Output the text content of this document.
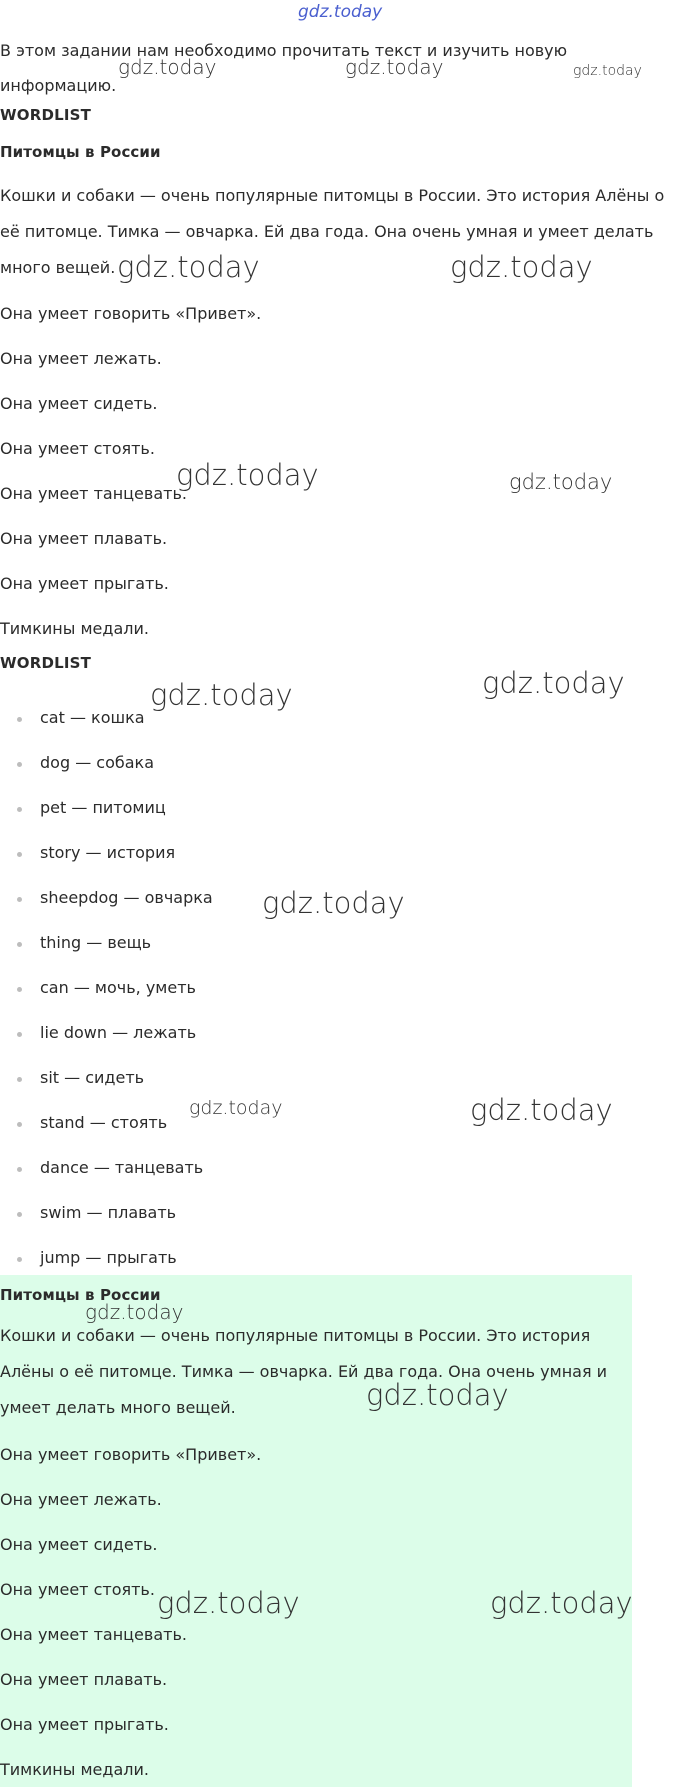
gdz.today

В этом задании нам необходимо прочитать текст и изучить новую информацию.

WORDLIST
Питомцы в России

Кошки и собаки — очень популярные питомцы в России. Это история Алёны о её питомце. Тимка — овчарка. Ей два года. Она очень умная и умеет делать много вещей.

Она умеет говорить «Привет».
Она умеет лежать.
Она умеет сидеть.
Она умеет стоять.
Она умеет танцевать.
Она умеет плавать.
Она умеет прыгать.
Тимкины медали.
WORDLIST
cat — кошка
dog — собака
pet — питомиц
story — история
sheepdog — овчарка
thing — вещь
can — мочь, уметь
lie down — лежать
sit — сидеть
stand — стоять
dance — танцевать
swim — плавать
jump — прыгать
Питомцы в России

Кошки и собаки — очень популярные питомцы в России. Это история Алёны о её питомце. Тимка — овчарка. Ей два года. Она очень умная и умеет делать много вещей.

Она умеет говорить «Привет».
Она умеет лежать.
Она умеет сидеть.
Она умеет стоять.
Она умеет танцевать.
Она умеет плавать.
Она умеет прыгать.
Тимкины медали.
gdz.today	gdz.today	gdz.today
gdz.today	gdz.today
gdz.today	gdz.today
gdz.today	gdz.today
gdz.today
gdz.today	gdz.today
gdz.today
gdz.today
gdz.today	gdz.today
